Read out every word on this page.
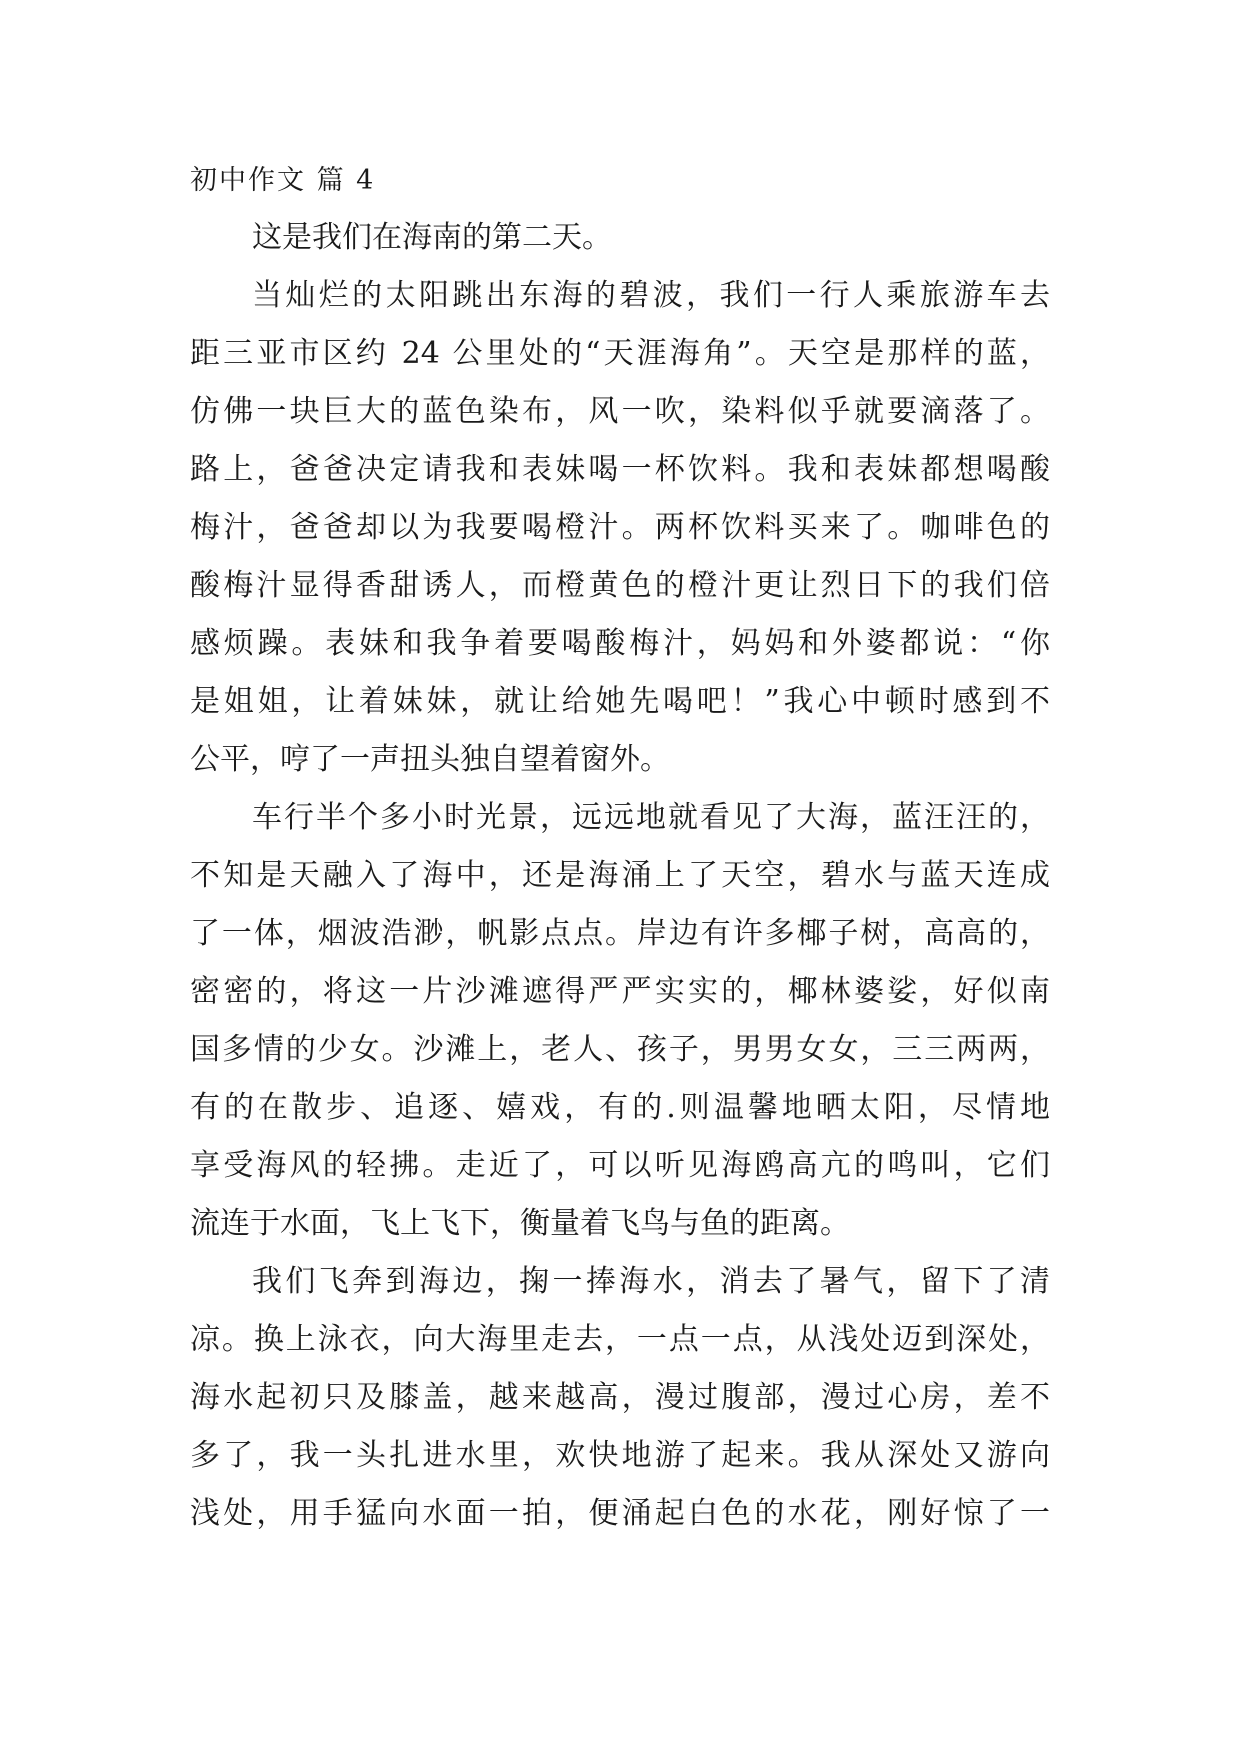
初中作文 篇 4
这是我们在海南的第二天。
当灿烂的太阳跳出东海的碧波，我们一行人乘旅游车去
距三亚市区约 24 公里处的“天涯海角”。天空是那样的蓝，
仿佛一块巨大的蓝色染布，风一吹，染料似乎就要滴落了。
路上，爸爸决定请我和表妹喝一杯饮料。我和表妹都想喝酸
梅汁，爸爸却以为我要喝橙汁。两杯饮料买来了。咖啡色的
酸梅汁显得香甜诱人，而橙黄色的橙汁更让烈日下的我们倍
感烦躁。表妹和我争着要喝酸梅汁，妈妈和外婆都说：“你
是姐姐，让着妹妹，就让给她先喝吧！”我心中顿时感到不
公平，哼了一声扭头独自望着窗外。
车行半个多小时光景，远远地就看见了大海，蓝汪汪的，
不知是天融入了海中，还是海涌上了天空，碧水与蓝天连成
了一体，烟波浩渺，帆影点点。岸边有许多椰子树，高高的，
密密的，将这一片沙滩遮得严严实实的，椰林婆娑，好似南
国多情的少女。沙滩上，老人、孩子，男男女女，三三两两，
有的在散步、追逐、嬉戏，有的.则温馨地晒太阳，尽情地
享受海风的轻拂。走近了，可以听见海鸥高亢的鸣叫，它们
流连于水面，飞上飞下，衡量着飞鸟与鱼的距离。
我们飞奔到海边，掬一捧海水，消去了暑气，留下了清
凉。换上泳衣，向大海里走去，一点一点，从浅处迈到深处，
海水起初只及膝盖，越来越高，漫过腹部，漫过心房，差不
多了，我一头扎进水里，欢快地游了起来。我从深处又游向
浅处，用手猛向水面一拍，便涌起白色的水花，刚好惊了一
